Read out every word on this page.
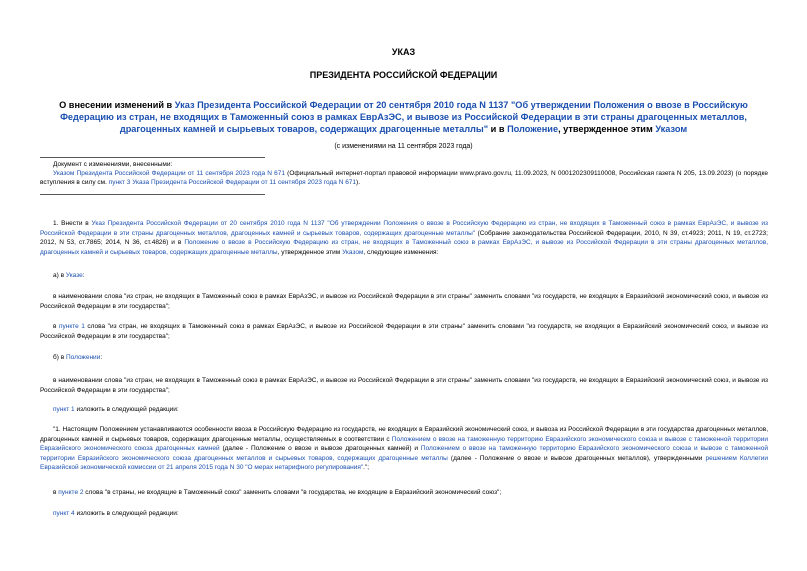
УКАЗ
ПРЕЗИДЕНТА РОССИЙСКОЙ ФЕДЕРАЦИИ
О внесении изменений в Указ Президента Российской Федерации от 20 сентября 2010 года N 1137 "Об утверждении Положения о ввозе в Российскую Федерацию из стран, не входящих в Таможенный союз в рамках ЕврАзЭС, и вывозе из Российской Федерации в эти страны драгоценных металлов, драгоценных камней и сырьевых товаров, содержащих драгоценные металлы" и в Положение, утвержденное этим Указом
(с изменениями на 11 сентября 2023 года)
Документ с изменениями, внесенными:
Указом Президента Российской Федерации от 11 сентября 2023 года N 671 (Официальный интернет-портал правовой информации www.pravo.gov.ru, 11.09.2023, N 0001202309110008, Российская газета N 205, 13.09.2023) (о порядке вступления в силу см. пункт 3 Указа Президента Российской Федерации от 11 сентября 2023 года N 671).
1. Внести в Указ Президента Российской Федерации от 20 сентября 2010 года N 1137 "Об утверждении Положения о ввозе в Российскую Федерацию из стран, не входящих в Таможенный союз в рамках ЕврАзЭС, и вывозе из Российской Федерации в эти страны драгоценных металлов, драгоценных камней и сырьевых товаров, содержащих драгоценные металлы" (Собрание законодательства Российской Федерации, 2010, N 39, ст.4923; 2011, N 19, ст.2723; 2012, N 53, ст.7865; 2014, N 36, ст.4826) и в Положение о ввозе в Российскую Федерацию из стран, не входящих в Таможенный союз в рамках ЕврАзЭС, и вывозе из Российской Федерации в эти страны драгоценных металлов, драгоценных камней и сырьевых товаров, содержащих драгоценные металлы, утвержденное этим Указом, следующие изменения:
а) в Указе:
в наименовании слова "из стран, не входящих в Таможенный союз в рамках ЕврАзЭС, и вывозе из Российской Федерации в эти страны" заменить словами "из государств, не входящих в Евразийский экономический союз, и вывозе из Российской Федерации в эти государства";
в пункте 1 слова "из стран, не входящих в Таможенный союз в рамках ЕврАзЭС, и вывозе из Российской Федерации в эти страны" заменить словами "из государств, не входящих в Евразийский экономический союз, и вывозе из Российской Федерации в эти государства";
б) в Положении:
в наименовании слова "из стран, не входящих в Таможенный союз в рамках ЕврАзЭС, и вывозе из Российской Федерации в эти страны" заменить словами "из государств, не входящих в Евразийский экономический союз, и вывозе из Российской Федерации в эти государства";
пункт 1 изложить в следующей редакции:
"1. Настоящим Положением устанавливаются особенности ввоза в Российскую Федерацию из государств, не входящих в Евразийский экономический союз, и вывоза из Российской Федерации в эти государства драгоценных металлов, драгоценных камней и сырьевых товаров, содержащих драгоценные металлы, осуществляемых в соответствии с Положением о ввозе на таможенную территорию Евразийского экономического союза и вывозе с таможенной территории Евразийского экономического союза драгоценных камней (далее - Положение о ввозе и вывозе драгоценных камней) и Положением о ввозе на таможенную территорию Евразийского экономического союза и вывозе с таможенной территории Евразийского экономического союза драгоценных металлов и сырьевых товаров, содержащих драгоценные металлы (далее - Положение о ввозе и вывозе драгоценных металлов), утвержденными решением Коллегии Евразийской экономической комиссии от 21 апреля 2015 года N 30 "О мерах нетарифного регулирования".";
в пункте 2 слова "в страны, не входящие в Таможенный союз" заменить словами "в государства, не входящие в Евразийский экономический союз";
пункт 4 изложить в следующей редакции:
